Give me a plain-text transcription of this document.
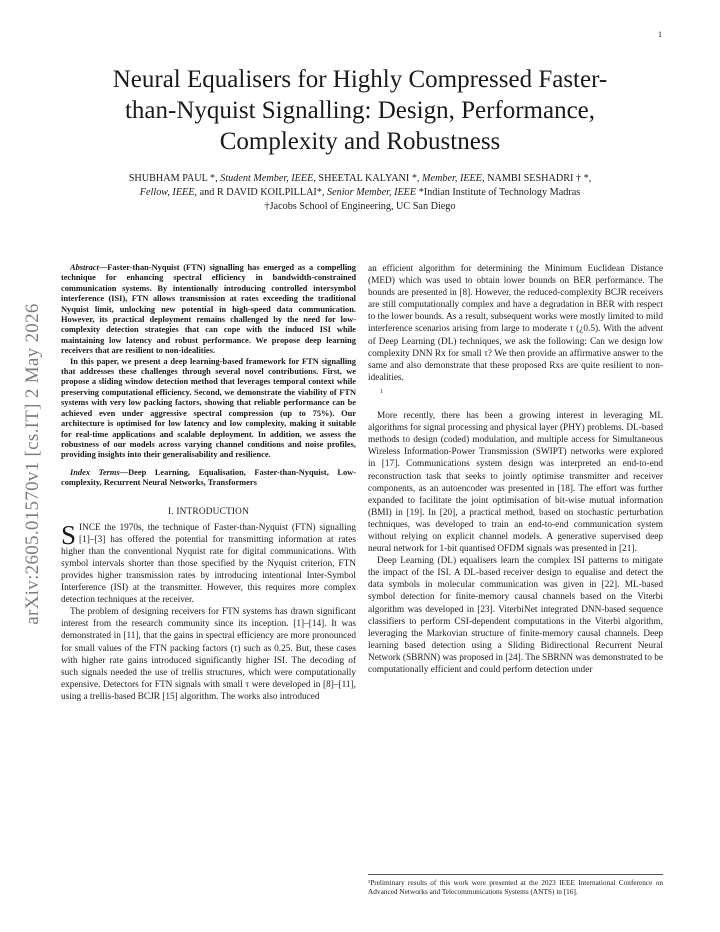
1
arXiv:2605.01570v1 [cs.IT] 2 May 2026
Neural Equalisers for Highly Compressed Faster-than-Nyquist Signalling: Design, Performance, Complexity and Robustness
SHUBHAM PAUL *, Student Member, IEEE, SHEETAL KALYANI *, Member, IEEE, NAMBI SESHADRI † *,
Fellow, IEEE, and R DAVID KOILPILLAI*, Senior Member, IEEE *Indian Institute of Technology Madras
†Jacobs School of Engineering, UC San Diego

Abstract—Faster-than-Nyquist (FTN) signalling has emerged as a compelling technique for enhancing spectral efficiency in bandwidth-constrained communication systems. By intentionally introducing controlled intersymbol interference (ISI), FTN allows transmission at rates exceeding the traditional Nyquist limit, unlocking new potential in high-speed data communication. However, its practical deployment remains challenged by the need for low-complexity detection strategies that can cope with the induced ISI while maintaining low latency and robust performance. We propose deep learning receivers that are resilient to non-idealities.

In this paper, we present a deep learning-based framework for FTN signalling that addresses these challenges through several novel contributions. First, we propose a sliding window detection method that leverages temporal context while preserving computational efficiency. Second, we demonstrate the viability of FTN systems with very low packing factors, showing that reliable performance can be achieved even under aggressive spectral compression (up to 75%). Our architecture is optimised for low latency and low complexity, making it suitable for real-time applications and scalable deployment. In addition, we assess the robustness of our models across varying channel conditions and noise profiles, providing insights into their generalisability and resilience.

Index Terms—Deep Learning, Equalisation, Faster-than-Nyquist, Low-complexity, Recurrent Neural Networks, Transformers

I. INTRODUCTION

SINCE the 1970s, the technique of Faster-than-Nyquist (FTN) signalling [1]–[3] has offered the potential for transmitting information at rates higher than the conventional Nyquist rate for digital communications. With symbol intervals shorter than those specified by the Nyquist criterion, FTN provides higher transmission rates by introducing intentional Inter-Symbol Interference (ISI) at the transmitter. However, this requires more complex detection techniques at the receiver.

The problem of designing receivers for FTN systems has drawn significant interest from the research community since its inception. [1]–[14]. It was demonstrated in [11], that the gains in spectral efficiency are more pronounced for small values of the FTN packing factors (τ) such as 0.25. But, these cases with higher rate gains introduced significantly higher ISI. The decoding of such signals needed the use of trellis structures, which were computationally expensive. Detectors for FTN signals with small τ were developed in [8]–[11], using a trellis-based BCJR [15] algorithm. The works also introduced

an efficient algorithm for determining the Minimum Euclidean Distance (MED) which was used to obtain lower bounds on BER performance. The bounds are presented in [8]. However, the reduced-complexity BCJR receivers are still computationally complex and have a degradation in BER with respect to the lower bounds. As a result, subsequent works were mostly limited to mild interference scenarios arising from large to moderate τ (¿0.5). With the advent of Deep Learning (DL) techniques, we ask the following: Can we design low complexity DNN Rx for small τ? We then provide an affirmative answer to the same and also demonstrate that these proposed Rxs are quite resilient to non-idealities.

1

More recently, there has been a growing interest in leveraging ML algorithms for signal processing and physical layer (PHY) problems. DL-based methods to design (coded) modulation, and multiple access for Simultaneous Wireless Information-Power Transmission (SWIPT) networks were explored in [17]. Communications system design was interpreted an end-to-end reconstruction task that seeks to jointly optimise transmitter and receiver components, as an autoencoder was presented in [18]. The effort was further expanded to facilitate the joint optimisation of bit-wise mutual information (BMI) in [19]. In [20], a practical method, based on stochastic perturbation techniques, was developed to train an end-to-end communication system without relying on explicit channel models. A generative supervised deep neural network for 1-bit quantised OFDM signals was presented in [21].

Deep Learning (DL) equalisers learn the complex ISI patterns to mitigate the impact of the ISI. A DL-based receiver design to equalise and detect the data symbols in molecular communication was given in [22]. ML-based symbol detection for finite-memory causal channels based on the Viterbi algorithm was developed in [23]. ViterbiNet integrated DNN-based sequence classifiers to perform CSI-dependent computations in the Viterbi algorithm, leveraging the Markovian structure of finite-memory causal channels. Deep learning based detection using a Sliding Bidirectional Recurrent Neural Network (SBRNN) was proposed in [24]. The SBRNN was demonstrated to be computationally efficient and could perform detection under

¹Preliminary results of this work were presented at the 2023 IEEE International Conference on Advanced Networks and Telecommunications Systems (ANTS) in [16].
